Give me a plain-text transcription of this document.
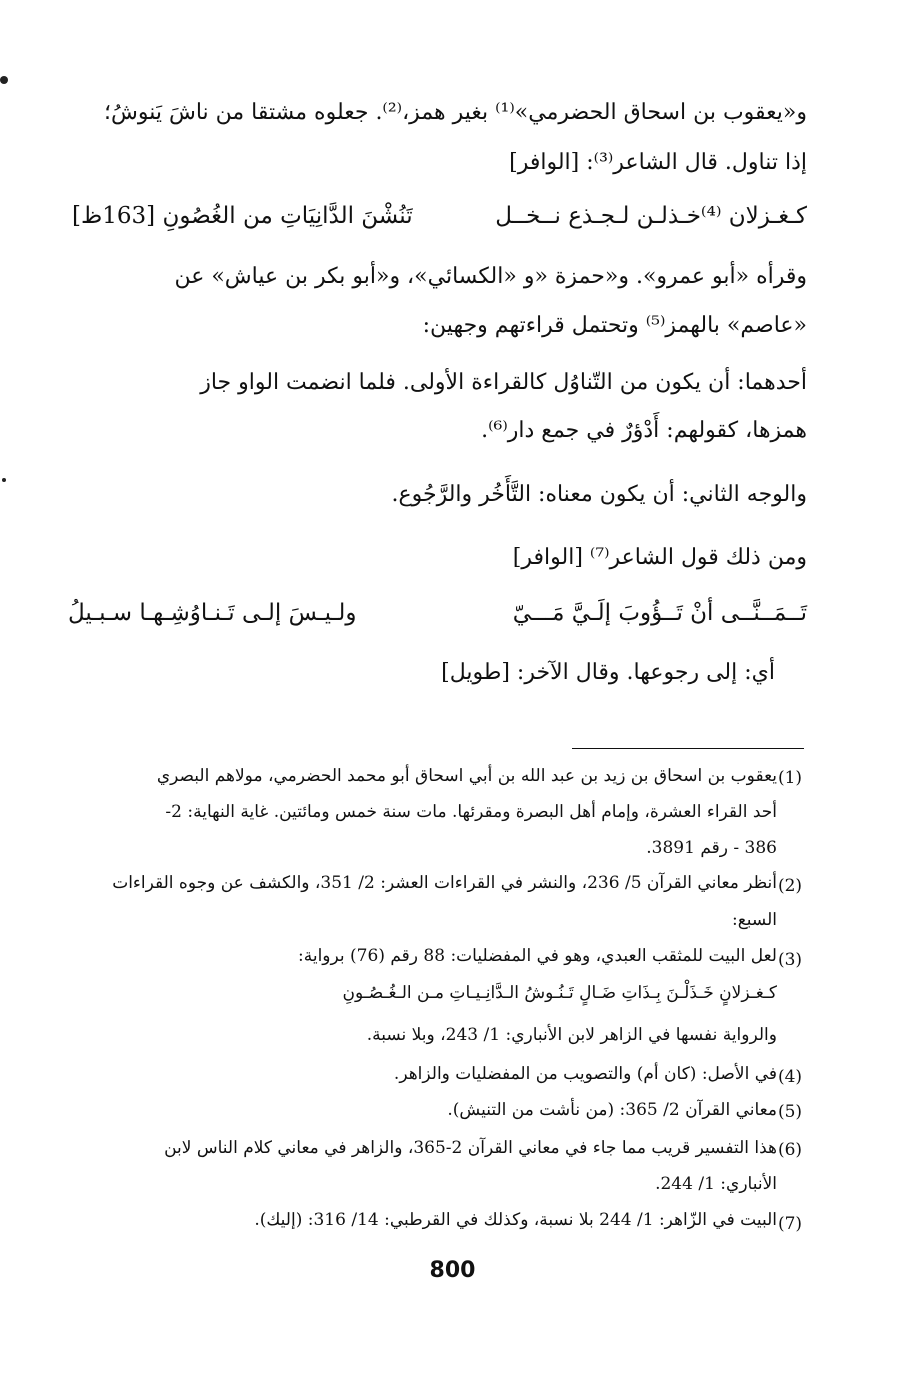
و«يعقوب بن اسحاق الحضرمي»⁽¹⁾ بغير همز،⁽²⁾. جعلوه مشتقا من ناشَ يَنوشُ؛
إذا تناول. قال الشاعر⁽³⁾: [الوافر]
كـغـزلان ⁽⁴⁾خـذلـن لـجـذع نــخــل
تَنُشْنَ الدَّانِيَاتِ من الغُصُونِ [163ظ]
وقرأه «أبو عمرو». و«حمزة «و «الكسائي»، و«أبو بكر بن عياش» عن
«عاصم» بالهمز⁽⁵⁾ وتحتمل قراءتهم وجهين:
أحدهما: أن يكون من التّناوُل كالقراءة الأولى. فلما انضمت الواو جاز
همزها، كقولهم: أَدْؤرٌ في جمع دار⁽⁶⁾.
والوجه الثاني: أن يكون معناه: التَّأَخُر والرَّجُوع.
ومن ذلك قول الشاعر⁽⁷⁾ [الوافر]
تَــمَــنَّــى أنْ تَــؤُوبَ إلَـيَّ مَـــيّ
ولـيـسَ إلـى تَـنـاوُشِـهـا سـبـيلُ
أي: إلى رجوعها. وقال الآخر: [طويل]
(1)
يعقوب بن اسحاق بن زيد بن عبد الله بن أبي اسحاق أبو محمد الحضرمي، مولاهم البصري
أحد القراء العشرة، وإمام أهل البصرة ومقرئها. مات سنة خمس ومائتين. غاية النهاية: 2-
386 - رقم 3891.
(2)
أنظر معاني القرآن 5/ 236، والنشر في القراءات العشر: 2/ 351، والكشف عن وجوه القراءات
السبع:
(3)
لعل البيت للمثقب العبدي، وهو في المفضليات: 88 رقم (76) برواية:
كـغـزلانٍ خَـذَلْـنَ بِـذَاتِ ضَـالٍ تَـنُـوشُ الـدَّانِـيـاتِ مـن الـغُـصُـونِ
والرواية نفسها في الزاهر لابن الأنباري: 1/ 243، وبلا نسبة.
(4)
في الأصل: (كان أم) والتصويب من المفضليات والزاهر.
(5)
معاني القرآن 2/ 365: (من نأشت من التنيش).
(6)
هذا التفسير قريب مما جاء في معاني القرآن 2-365، والزاهر في معاني كلام الناس لابن
الأنباري: 1/ 244.
(7)
البيت في الزّاهر: 1/ 244 بلا نسبة، وكذلك في القرطبي: 14/ 316: (إليك).
800
